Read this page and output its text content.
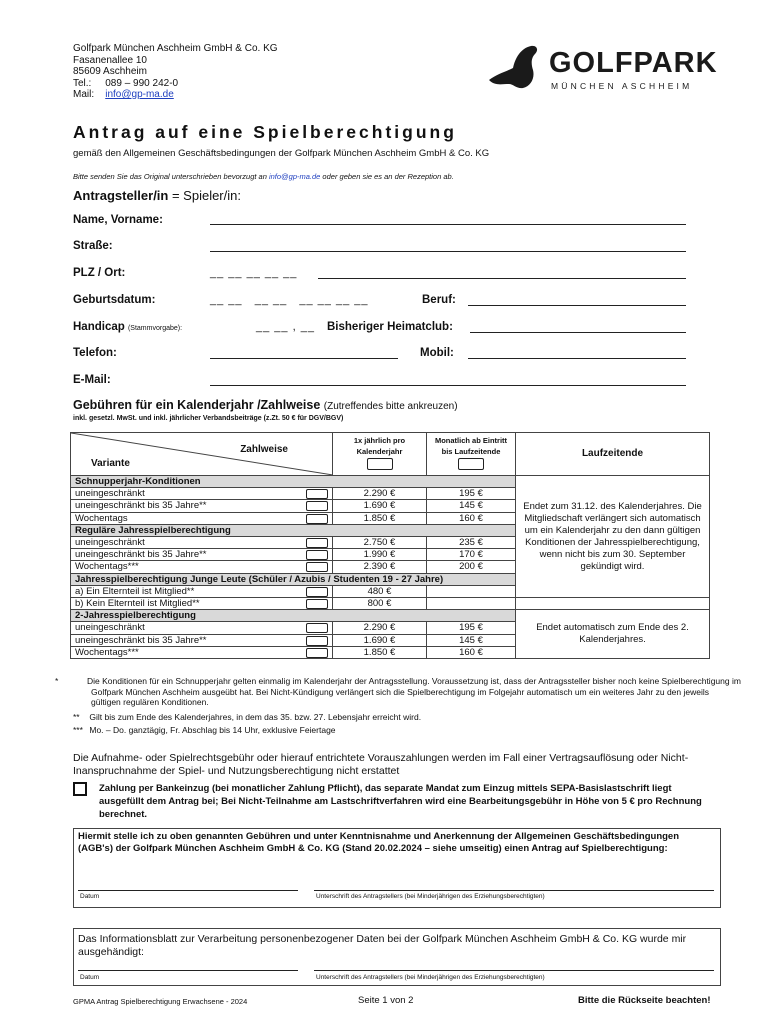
Golfpark München Aschheim GmbH & Co. KG
Fasanenallee 10
85609 Aschheim
Tel.: 089 – 990 242-0
Mail: info@gp-ma.de
GOLFPARK
MÜNCHEN ASCHHEIM
Antrag auf eine Spielberechtigung
gemäß den Allgemeinen Geschäftsbedingungen der Golfpark München Aschheim GmbH & Co. KG
Bitte senden Sie das Original unterschrieben bevorzugt an info@gp-ma.de oder geben sie es an der Rezeption ab.
Antragsteller/in = Spieler/in:
Name, Vorname:
Straße:
PLZ / Ort:	__ __ __ __ __
Geburtsdatum:	__ __   __ __   __ __ __ __	Beruf:
Handicap (Stammvorgabe):	__ __ , __ Bisheriger Heimatclub:
Telefon:	Mobil:
E-Mail:
Gebühren für ein Kalenderjahr /Zahlweise (Zutreffendes bitte ankreuzen)
inkl. gesetzl. MwSt. und inkl. jährlicher Verbandsbeiträge (z.Zt. 50 € für DGV/BGV)
Zahlweise
Variante	1x jährlich pro Kalenderjahr	Monatlich ab Eintritt bis Laufzeitende	Laufzeitende
Schnupperjahr-Konditionen			Endet zum 31.12. des Kalenderjahres. Die Mitgliedschaft verlängert sich automatisch um ein Kalenderjahr zu den dann gültigen Konditionen der Jahresspielberechtigung, wenn nicht bis zum 30. September gekündigt wird.
uneingeschränkt	2.290 €	195 €	
uneingeschränkt bis 35 Jahre**	1.690 €	145 €	
Wochentags	1.850 €	160 €	
Reguläre Jahresspielberechtigung			
uneingeschränkt	2.750 €	235 €	
uneingeschränkt bis 35 Jahre**	1.990 €	170 €	
Wochentags***	2.390 €	200 €	
Jahresspielberechtigung Junge Leute (Schüler / Azubis / Studenten 19 - 27 Jahre)			
a) Ein Elternteil ist Mitglied**	480 €		
b) Kein Elternteil ist Mitglied**	800 €		
2-Jahresspielberechtigung			Endet automatisch zum Ende des 2. Kalenderjahres.
uneingeschränkt	2.290 €	195 €	
uneingeschränkt bis 35 Jahre**	1.690 €	145 €	
Wochentags***	1.850 €	160 €	
*	Die Konditionen für ein Schnupperjahr gelten einmalig im Kalenderjahr der Antragsstellung. Voraussetzung ist, dass der Antragssteller bisher noch keine Spielberechtigung im Golfpark München Aschheim ausgeübt hat. Bei Nicht-Kündigung verlängert sich die Spielberechtigung im Folgejahr automatisch um ein weiteres Jahr zu den jeweils gültigen regulären Konditionen.
** Gilt bis zum Ende des Kalenderjahres, in dem das 35. bzw. 27. Lebensjahr erreicht wird.
*** Mo. – Do. ganztägig, Fr. Abschlag bis 14 Uhr, exklusive Feiertage
Die Aufnahme- oder Spielrechtsgebühr oder hierauf entrichtete Vorauszahlungen werden im Fall einer Vertragsauflösung oder Nicht-Inanspruchnahme der Spiel- und Nutzungsberechtigung nicht erstattet
Zahlung per Bankeinzug (bei monatlicher Zahlung Pflicht), das separate Mandat zum Einzug mittels SEPA-Basislastschrift liegt ausgefüllt dem Antrag bei; Bei Nicht-Teilnahme am Lastschriftverfahren wird eine Bearbeitungsgebühr in Höhe von 5 € pro Rechnung berechnet.
Hiermit stelle ich zu oben genannten Gebühren und unter Kenntnisnahme und Anerkennung der Allgemeinen Geschäftsbedingungen (AGB's) der Golfpark München Aschheim GmbH & Co. KG (Stand 20.02.2024 – siehe umseitig) einen Antrag auf Spielberechtigung:
Datum	Unterschrift des Antragstellers (bei Minderjährigen des Erziehungsberechtigten)
Das Informationsblatt zur Verarbeitung personenbezogener Daten bei der Golfpark München Aschheim GmbH & Co. KG wurde mir ausgehändigt:
Datum	Unterschrift des Antragstellers (bei Minderjährigen des Erziehungsberechtigten)
GPMA Antrag Spielberechtigung Erwachsene - 2024	Seite 1 von 2	Bitte die Rückseite beachten!
